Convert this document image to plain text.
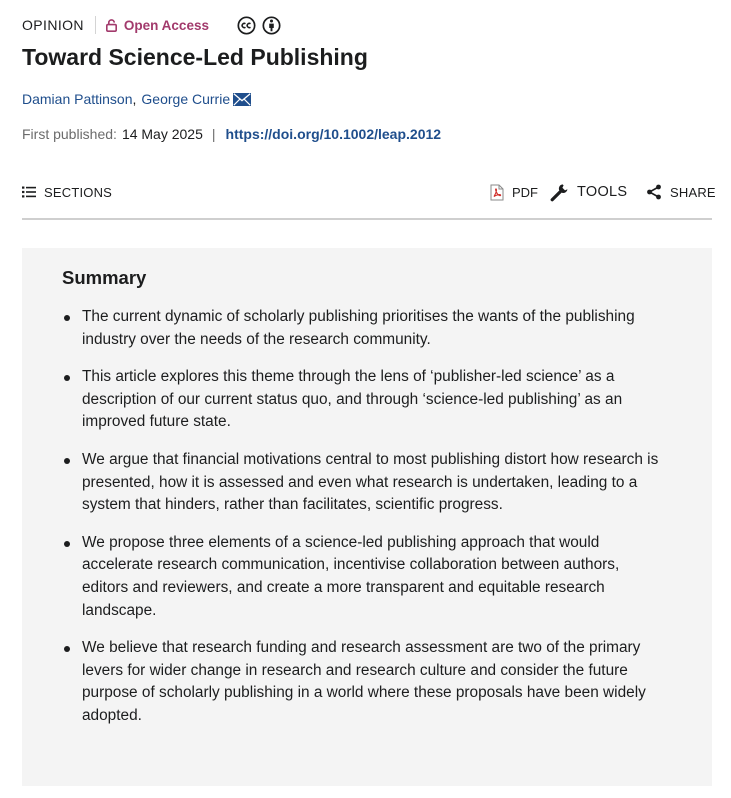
OPINION	Open Access
Toward Science-Led Publishing
Damian Pattinson , George Currie
First published: 14 May 2025 | https://doi.org/10.1002/leap.2012
SECTIONS	PDF	TOOLS	SHARE
Summary
The current dynamic of scholarly publishing prioritises the wants of the publishing industry over the needs of the research community.
This article explores this theme through the lens of ‘publisher-led science’ as a description of our current status quo, and through ‘science-led publishing’ as an improved future state.
We argue that financial motivations central to most publishing distort how research is presented, how it is assessed and even what research is undertaken, leading to a system that hinders, rather than facilitates, scientific progress.
We propose three elements of a science-led publishing approach that would accelerate research communication, incentivise collaboration between authors, editors and reviewers, and create a more transparent and equitable research landscape.
We believe that research funding and research assessment are two of the primary levers for wider change in research and research culture and consider the future purpose of scholarly publishing in a world where these proposals have been widely adopted.
